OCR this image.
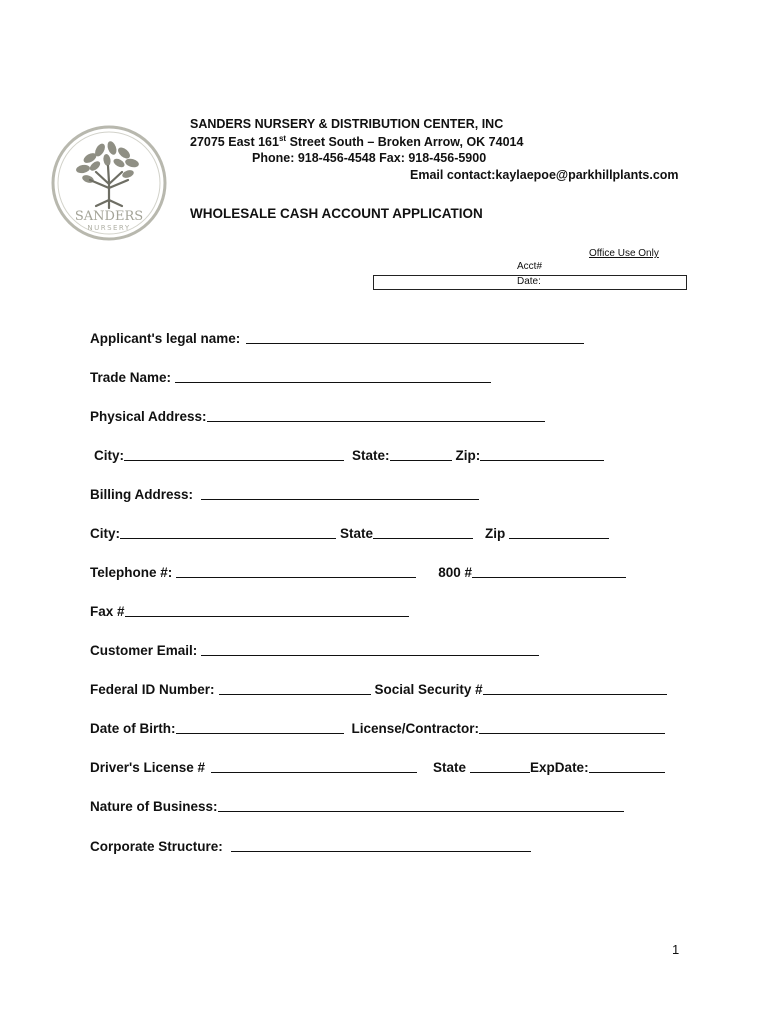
SANDERS
NURSERY
SANDERS NURSERY & DISTRIBUTION CENTER, INC
27075 East 161st Street South – Broken Arrow, OK 74014
Phone: 918-456-4548 Fax: 918-456-5900
Email contact:kaylaepoe@parkhillplants.com
WHOLESALE CASH ACCOUNT APPLICATION
Office Use Only
Acct#
Date:
Applicant's legal name:
Trade Name:
Physical Address:
City:	State:	Zip:
Billing Address:
City:	State	Zip
Telephone #:	800 #
Fax #
Customer Email:
Federal ID Number:	Social Security #
Date of Birth:	License/Contractor:
Driver's License #	State	ExpDate:
Nature of Business:
Corporate Structure:
1
